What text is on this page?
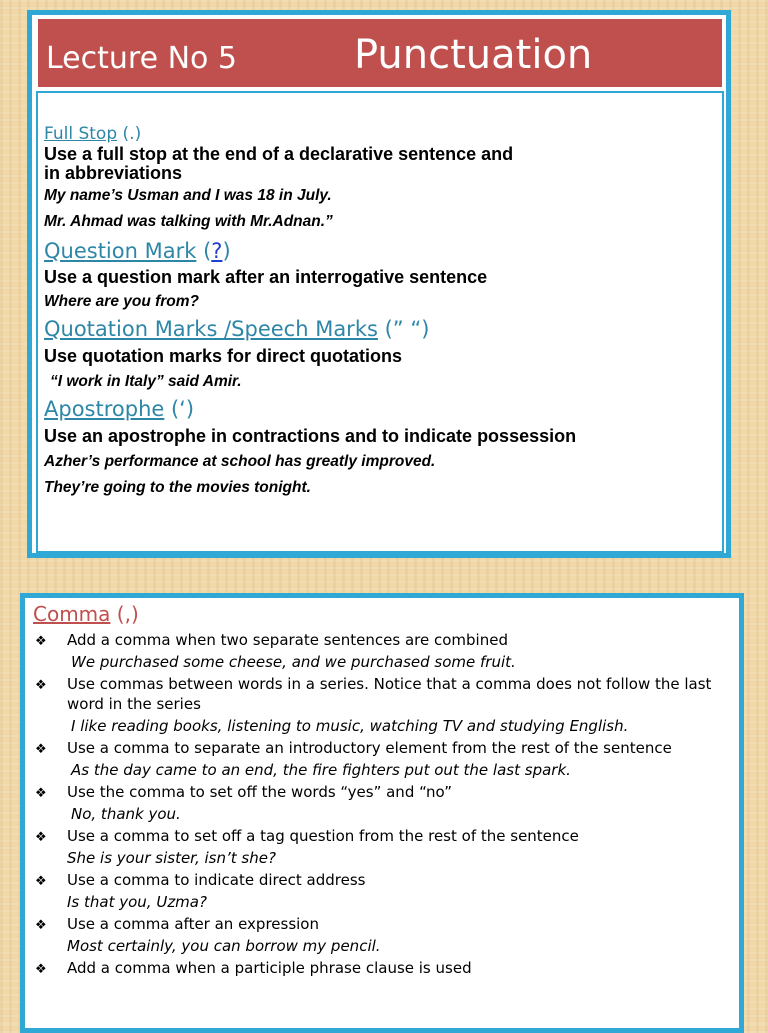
Lecture No 5	Punctuation
Full Stop (.)
Use a full stop at the end of a declarative sentence and
in abbreviations
My name’s Usman and I was 18 in July.
Mr. Ahmad was talking with Mr.Adnan.”
Question Mark (?)
Use a question mark after an interrogative sentence
Where are you from?
Quotation Marks /Speech Marks (” “)
Use quotation marks for direct quotations
“I work in Italy” said Amir.
Apostrophe (‘)
Use an apostrophe in contractions and to indicate possession
Azher’s performance at school has greatly improved.
They’re going to the movies tonight.
Comma (,)
❖ Add a comma when two separate sentences are combined
We purchased some cheese, and we purchased some fruit.
❖ Use commas between words in a series. Notice that a comma does not follow the last word in the series
I like reading books, listening to music, watching TV and studying English.
❖ Use a comma to separate an introductory element from the rest of the sentence
As the day came to an end, the fire fighters put out the last spark.
❖ Use the comma to set off the words “yes” and “no”
No, thank you.
❖ Use a comma to set off a tag question from the rest of the sentence
She is your sister, isn’t she?
❖ Use a comma to indicate direct address
Is that you, Uzma?
❖ Use a comma after an expression
Most certainly, you can borrow my pencil.
❖ Add a comma when a participle phrase clause is used
